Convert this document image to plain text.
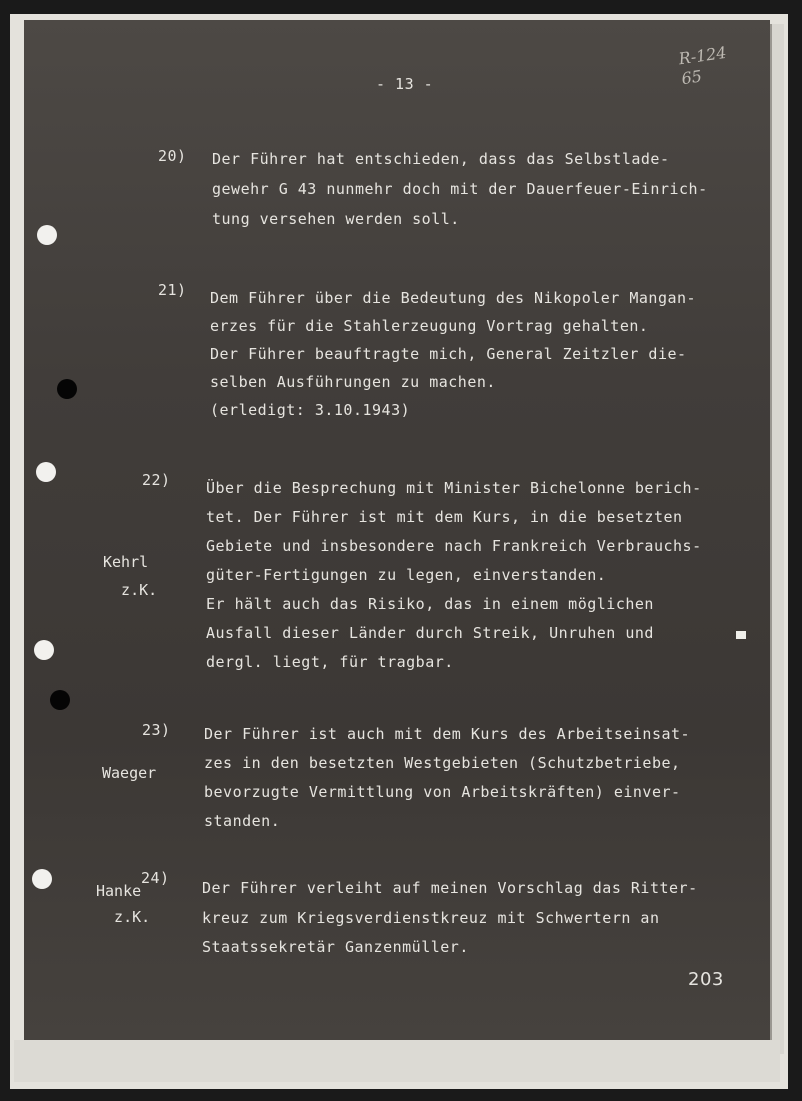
R-124
65
- 13 -
20) Der Führer hat entschieden, dass das Selbstlade-
gewehr G 43 nunmehr doch mit der Dauerfeuer-Einrich-
tung versehen werden soll.
21) Dem Führer über die Bedeutung des Nikopoler Mangan-
erzes für die Stahlerzeugung Vortrag gehalten.
Der Führer beauftragte mich, General Zeitzler die-
selben Ausführungen zu machen.
(erledigt: 3.10.1943)
22)
Kehrl
z.K.
Über die Besprechung mit Minister Bichelonne berich-
tet. Der Führer ist mit dem Kurs, in die besetzten
Gebiete und insbesondere nach Frankreich Verbrauchs-
güter-Fertigungen zu legen, einverstanden.
Er hält auch das Risiko, das in einem möglichen
Ausfall dieser Länder durch Streik, Unruhen und
dergl. liegt, für tragbar.
23)
Waeger
Der Führer ist auch mit dem Kurs des Arbeitseinsat-
zes in den besetzten Westgebieten (Schutzbetriebe,
bevorzugte Vermittlung von Arbeitskräften) einver-
standen.
24)
Hanke
z.K.
Der Führer verleiht auf meinen Vorschlag das Ritter-
kreuz zum Kriegsverdienstkreuz mit Schwertern an
Staatssekretär Ganzenmüller.
203
